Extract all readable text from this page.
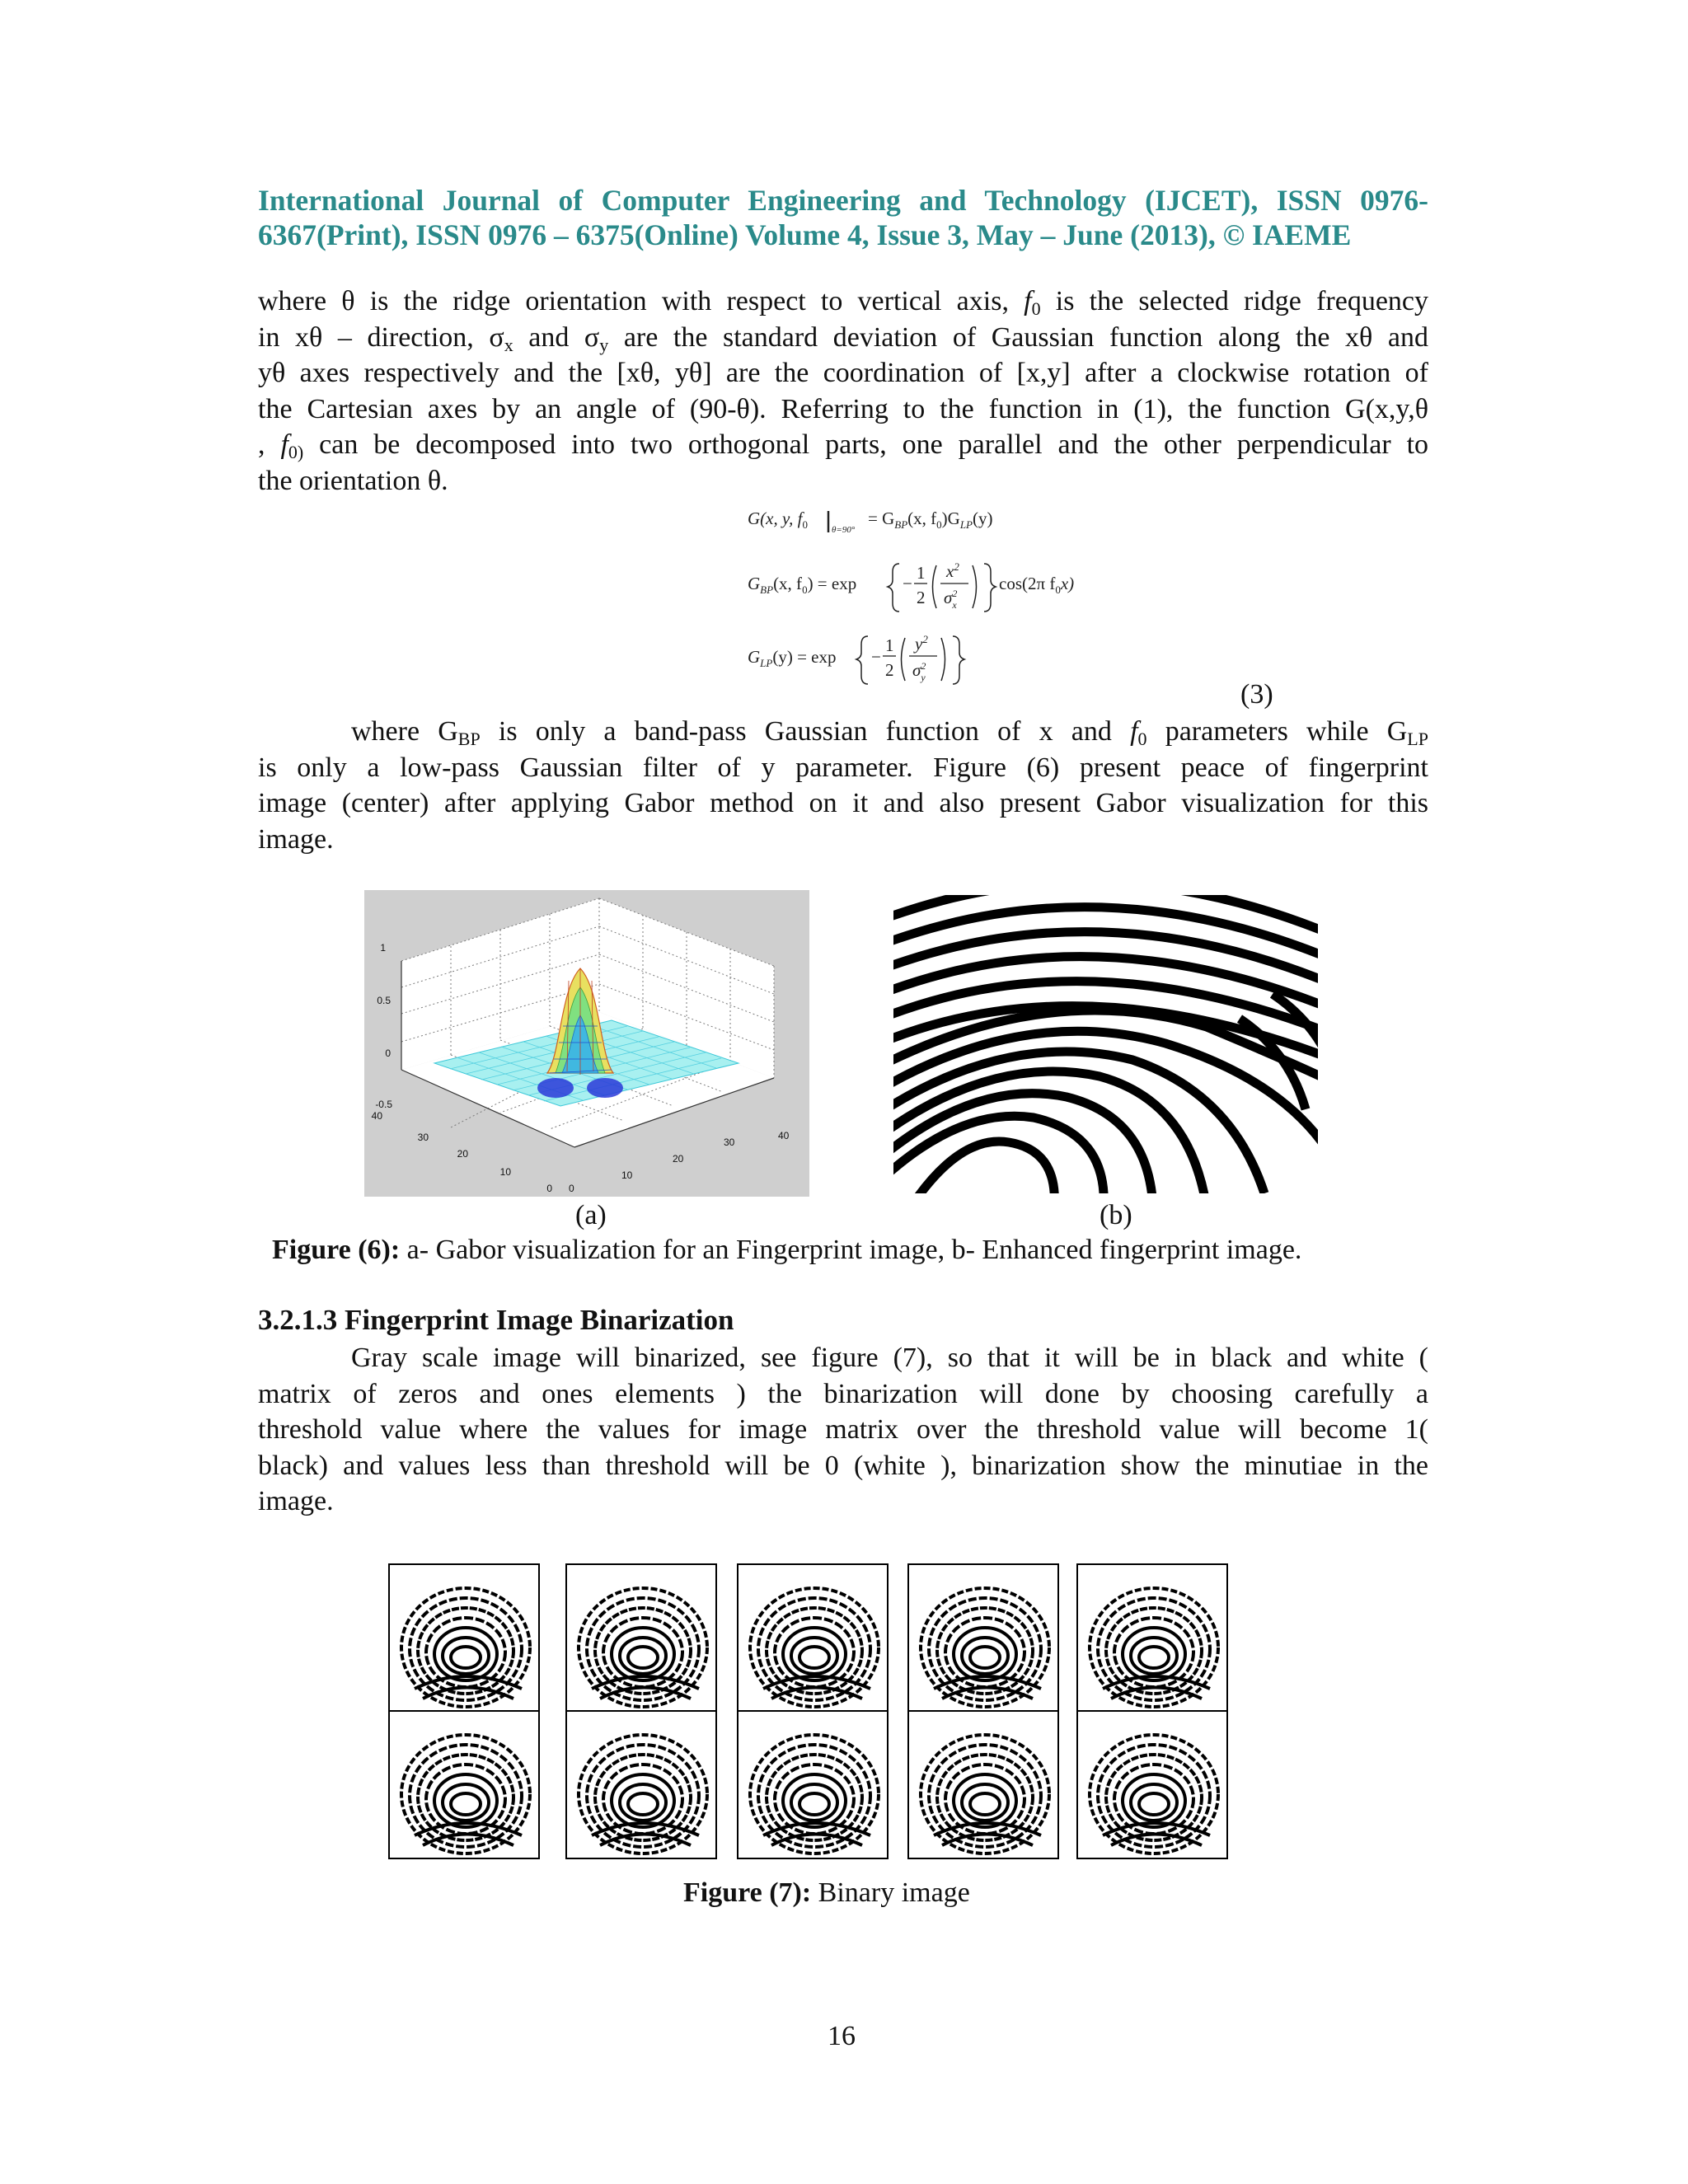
International Journal of Computer Engineering and Technology (IJCET), ISSN 0976-
6367(Print), ISSN 0976 – 6375(Online) Volume 4, Issue 3, May – June (2013), © IAEME
where θ is the ridge orientation with respect to vertical axis, $f_0$ is the selected ridge frequency
in xθ – direction, $\sigma_x$ and $\sigma_y$ are the standard deviation of Gaussian function along the xθ and
yθ axes respectively and the [xθ, yθ] are the coordination of [x,y] after a clockwise rotation of
the Cartesian axes by an angle of (90-θ). Referring to the function in (1), the function G(x,y,θ
, $f_{0)}$ can be decomposed into two orthogonal parts, one parallel and the other perpendicular to
the orientation θ.
G(x, y, $f_0$	θ=90°
= $G_{BP}(x$, $f_0)G_{LP}(y)$
$G_{BP}(x$, $f_0) = \exp$	−
1
2
$x^2$
$\sigma^2$ x
cos(2π $f_0x$)
$G_{LP}(y) = \exp$ −
1
2
$y^2$
$\sigma^2$ y
(3)
where $G_{BP}$ is only a band-pass Gaussian function of x and $f_0$ parameters while $G_{LP}$
is only a low-pass Gaussian filter of y parameter. Figure (6) present peace of fingerprint
image (center) after applying Gabor method on it and also present Gabor visualization for this
image.
1
0.5
0
-0.5
40
30
20
10
0 0
10
20
30
40
(a)	(b)
Figure (6): a- Gabor visualization for an Fingerprint image, b- Enhanced fingerprint image.
3.2.1.3 Fingerprint Image Binarization
Gray scale image will binarized, see figure (7), so that it will be in black and white (
matrix of zeros and ones elements ) the binarization will done by choosing carefully a
threshold value where the values for image matrix over the threshold value will become 1(
black) and values less than threshold will be 0 (white ), binarization show the minutiae in the
image.
Figure (7): Binary image
16
